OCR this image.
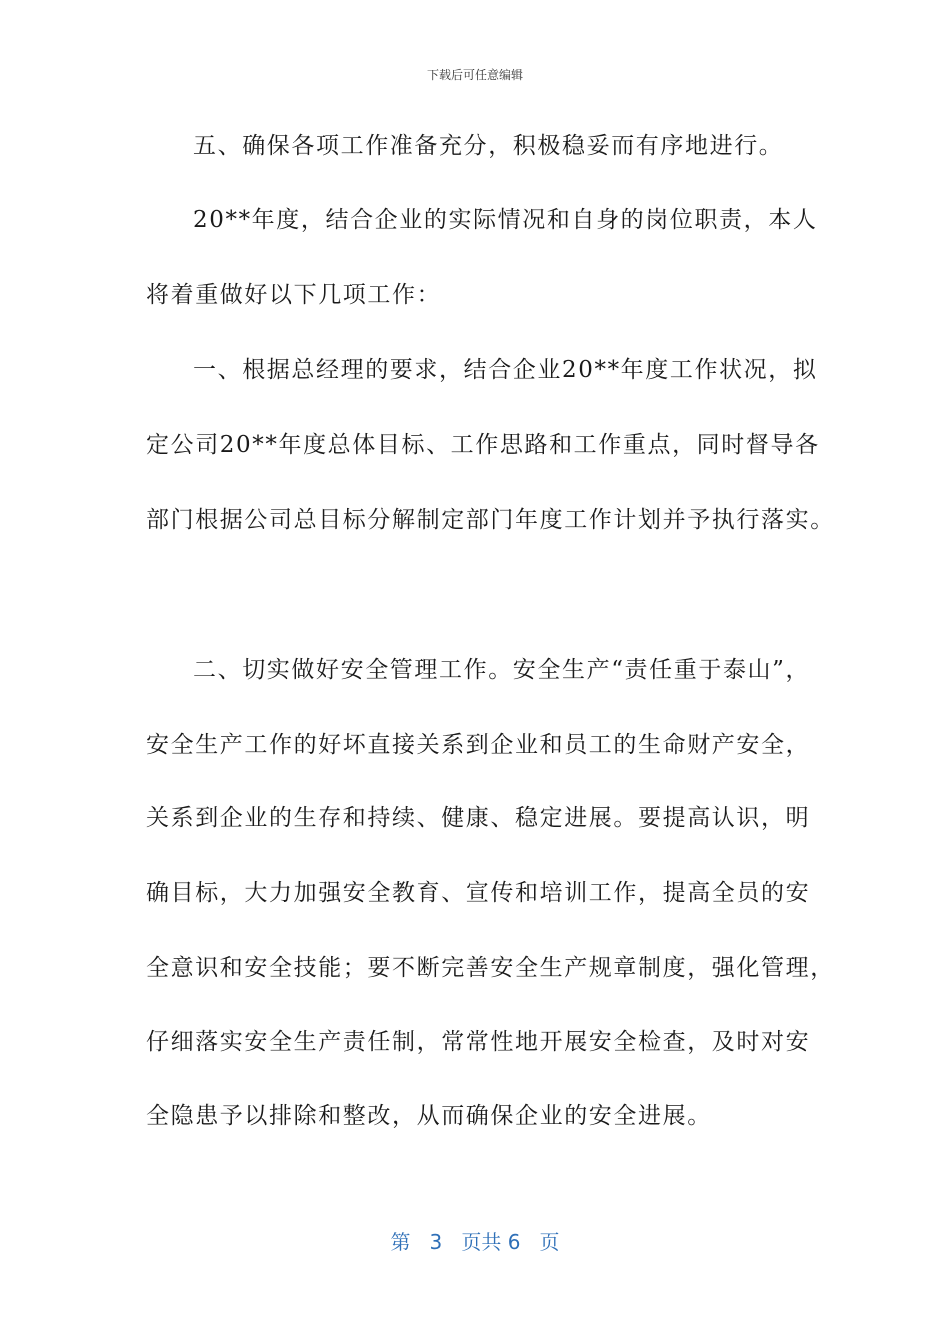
下载后可任意编辑
五、确保各项工作准备充分，积极稳妥而有序地进行。
20**年度，结合企业的实际情况和自身的岗位职责，本人
将着重做好以下几项工作：
一、根据总经理的要求，结合企业20**年度工作状况，拟
定公司20**年度总体目标、工作思路和工作重点，同时督导各
部门根据公司总目标分解制定部门年度工作计划并予执行落实。
二、切实做好安全管理工作。安全生产“责任重于泰山”，
安全生产工作的好坏直接关系到企业和员工的生命财产安全，
关系到企业的生存和持续、健康、稳定进展。要提高认识，明
确目标，大力加强安全教育、宣传和培训工作，提高全员的安
全意识和安全技能；要不断完善安全生产规章制度，强化管理，
仔细落实安全生产责任制，常常性地开展安全检查，及时对安
全隐患予以排除和整改，从而确保企业的安全进展。
第 3 页共 6 页
